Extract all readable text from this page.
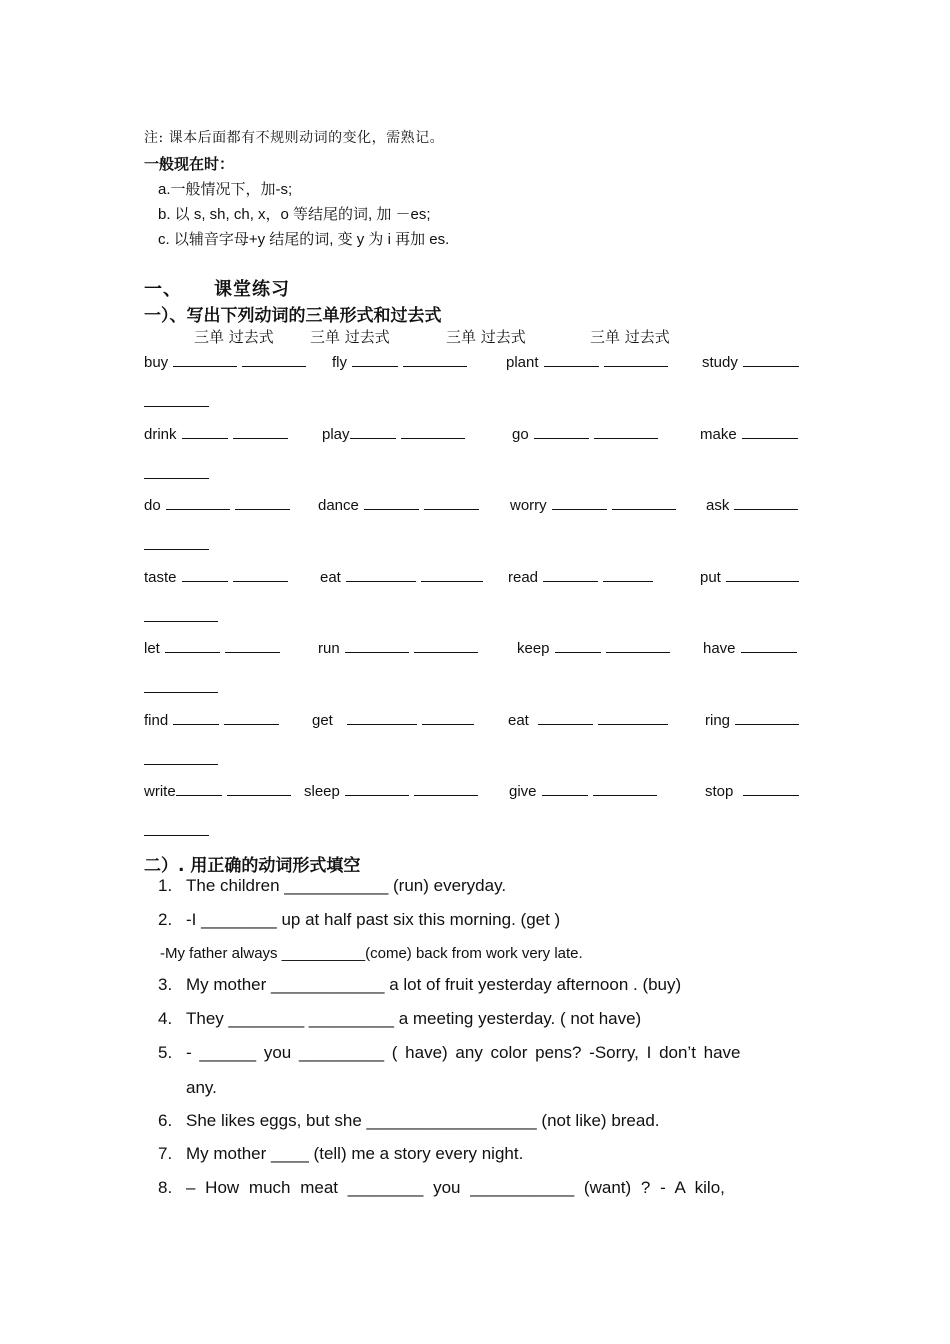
注: 课本后面都有不规则动词的变化，需熟记。
一般现在时：
a.一般情况下，加-s;
b. 以 s, sh, ch, x，o 等结尾的词, 加 －es;
c. 以辅音字母+y 结尾的词, 变 y 为 i 再加 es.
一、 课堂练习
一）、写出下列动词的三单形式和过去式
三单 过去式 三单 过去式	三单 过去式	三单 过去式
buy	fly	plant	study
drink	play	go	make
do	dance	worry	ask
taste	eat	read	put
let	run	keep	have
find	get	eat	ring
write	sleep	give	stop
二）. 用正确的动词形式填空
1. The children ___________ (run) everyday.
2. -I ________ up at half past six this morning. (get )
-My father always __________(come) back from work very late.
3. My mother ____________ a lot of fruit yesterday afternoon . (buy)
4. They ________ _________ a meeting yesterday. ( not have)
5. - ______ you _________ ( have) any color pens? -Sorry, I don’t have
any.
6. She likes eggs, but she __________________ (not like) bread.
7. My mother ____ (tell) me a story every night.
8. – How much meat ________ you ___________ (want) ? - A kilo,
